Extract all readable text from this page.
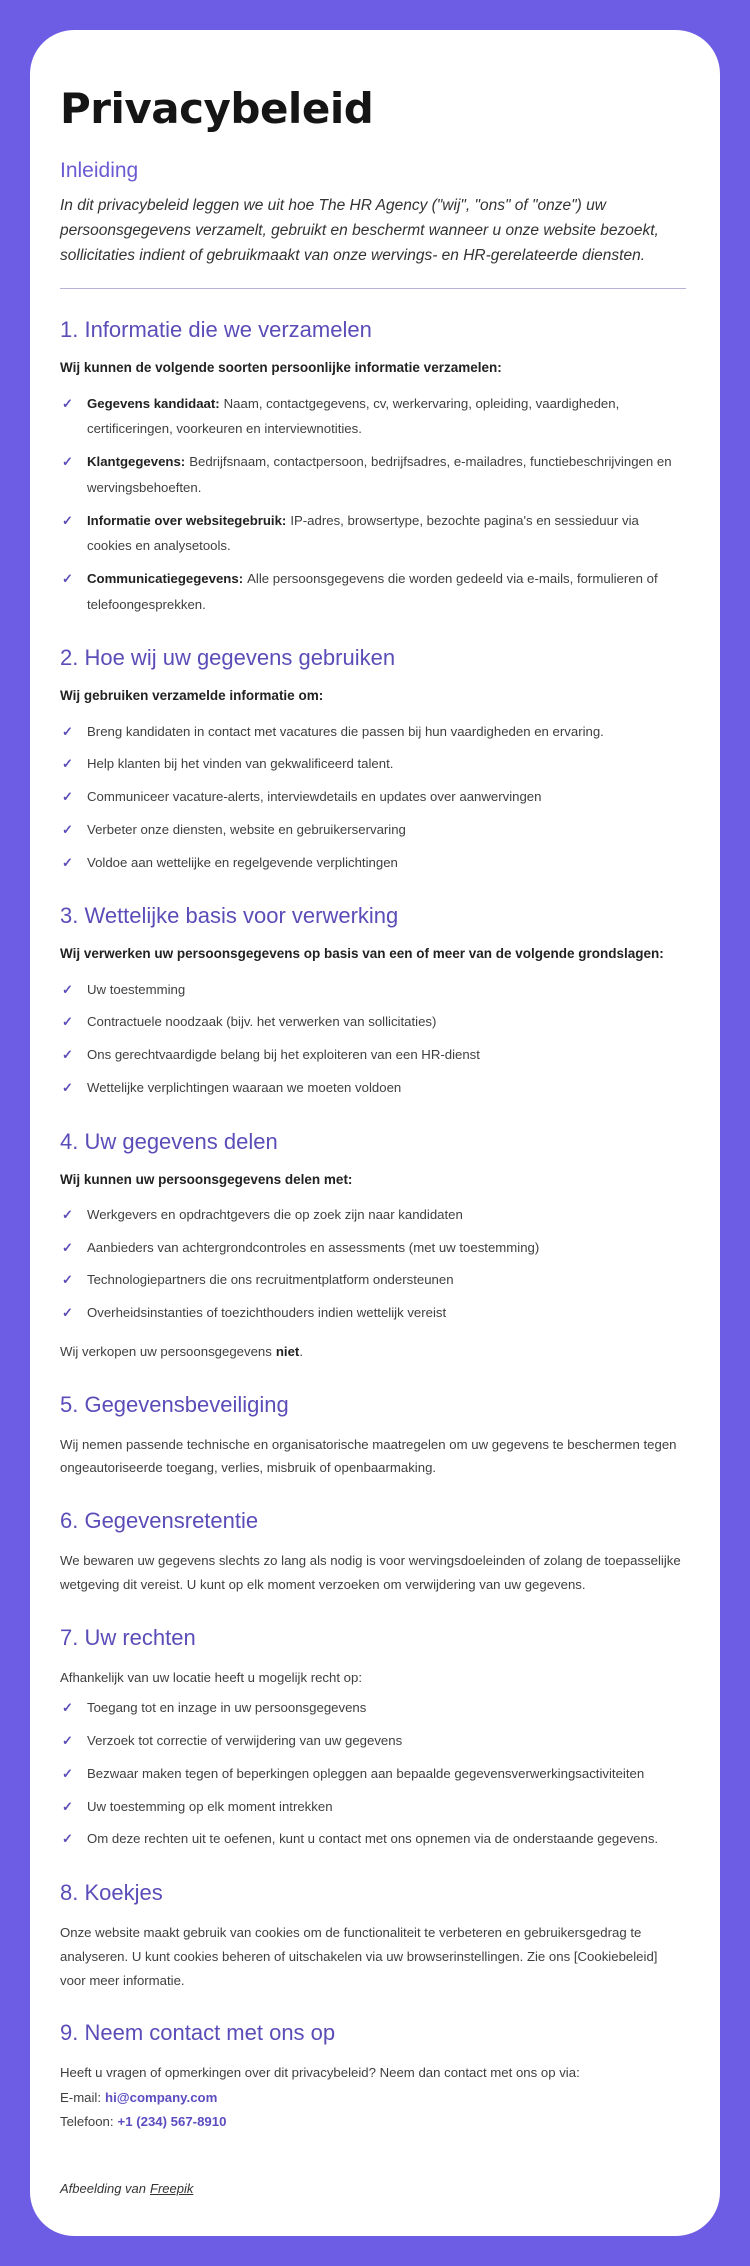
Privacybeleid
Inleiding

In dit privacybeleid leggen we uit hoe The HR Agency ("wij", "ons" of "onze") uw persoonsgegevens verzamelt, gebruikt en beschermt wanneer u onze website bezoekt, sollicitaties indient of gebruikmaakt van onze wervings- en HR-gerelateerde diensten.

1. Informatie die we verzamelen

Wij kunnen de volgende soorten persoonlijke informatie verzamelen:

✓ Gegevens kandidaat: Naam, contactgegevens, cv, werkervaring, opleiding, vaardigheden, certificeringen, voorkeuren en interviewnotities.
✓ Klantgegevens: Bedrijfsnaam, contactpersoon, bedrijfsadres, e-mailadres, functiebeschrijvingen en wervingsbehoeften.
✓ Informatie over websitegebruik: IP-adres, browsertype, bezochte pagina's en sessieduur via cookies en analysetools.
✓ Communicatiegegevens: Alle persoonsgegevens die worden gedeeld via e-mails, formulieren of telefoongesprekken.
2. Hoe wij uw gegevens gebruiken

Wij gebruiken verzamelde informatie om:

✓ Breng kandidaten in contact met vacatures die passen bij hun vaardigheden en ervaring.
✓ Help klanten bij het vinden van gekwalificeerd talent.
✓ Communiceer vacature-alerts, interviewdetails en updates over aanwervingen
✓ Verbeter onze diensten, website en gebruikerservaring
✓ Voldoe aan wettelijke en regelgevende verplichtingen
3. Wettelijke basis voor verwerking

Wij verwerken uw persoonsgegevens op basis van een of meer van de volgende grondslagen:

✓ Uw toestemming
✓ Contractuele noodzaak (bijv. het verwerken van sollicitaties)
✓ Ons gerechtvaardigde belang bij het exploiteren van een HR-dienst
✓ Wettelijke verplichtingen waaraan we moeten voldoen
4. Uw gegevens delen

Wij kunnen uw persoonsgegevens delen met:

✓ Werkgevers en opdrachtgevers die op zoek zijn naar kandidaten
✓ Aanbieders van achtergrondcontroles en assessments (met uw toestemming)
✓ Technologiepartners die ons recruitmentplatform ondersteunen
✓ Overheidsinstanties of toezichthouders indien wettelijk vereist

Wij verkopen uw persoonsgegevens niet.

5. Gegevensbeveiliging

Wij nemen passende technische en organisatorische maatregelen om uw gegevens te beschermen tegen ongeautoriseerde toegang, verlies, misbruik of openbaarmaking.

6. Gegevensretentie

We bewaren uw gegevens slechts zo lang als nodig is voor wervingsdoeleinden of zolang de toepasselijke wetgeving dit vereist. U kunt op elk moment verzoeken om verwijdering van uw gegevens.

7. Uw rechten

Afhankelijk van uw locatie heeft u mogelijk recht op:

✓ Toegang tot en inzage in uw persoonsgegevens
✓ Verzoek tot correctie of verwijdering van uw gegevens
✓ Bezwaar maken tegen of beperkingen opleggen aan bepaalde gegevensverwerkingsactiviteiten
✓ Uw toestemming op elk moment intrekken
✓ Om deze rechten uit te oefenen, kunt u contact met ons opnemen via de onderstaande gegevens.
8. Koekjes

Onze website maakt gebruik van cookies om de functionaliteit te verbeteren en gebruikersgedrag te analyseren. U kunt cookies beheren of uitschakelen via uw browserinstellingen. Zie ons [Cookiebeleid] voor meer informatie.

9. Neem contact met ons op

Heeft u vragen of opmerkingen over dit privacybeleid? Neem dan contact met ons op via:

E-mail: hi@company.com

Telefoon: +1 (234) 567-8910

Afbeelding van Freepik
